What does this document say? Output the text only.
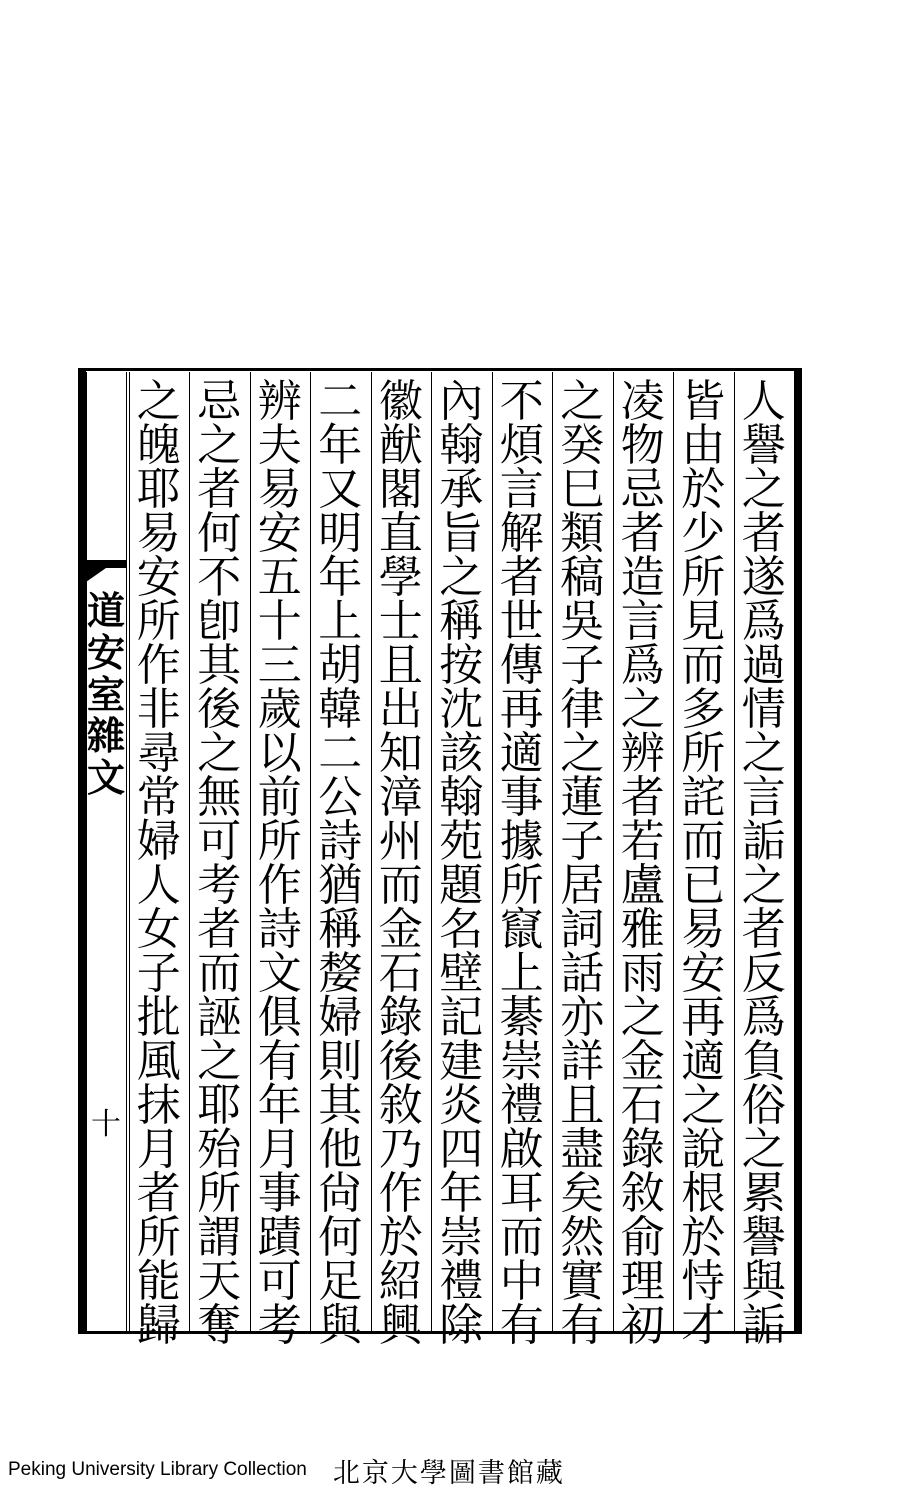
道
安
室
雜
文
十
人
譽
之
者
遂
爲
過
情
之
言
詬
之
者
反
爲
負
俗
之
累
譽
與
詬
皆
由
於
少
所
見
而
多
所
詫
而
已
易
安
再
適
之
說
根
於
恃
才
凌
物
忌
者
造
言
爲
之
辨
者
若
盧
雅
雨
之
金
石
錄
敘
俞
理
初
之
癸
巳
類
稿
吳
子
律
之
蓮
子
居
詞
話
亦
詳
且
盡
矣
然
實
有
不
煩
言
解
者
世
傳
再
適
事
據
所
竄
上
綦
崇
禮
啟
耳
而
中
有
內
翰
承
旨
之
稱
按
沈
該
翰
苑
題
名
壁
記
建
炎
四
年
崇
禮
除
徽
猷
閣
直
學
士
且
出
知
漳
州
而
金
石
錄
後
敘
乃
作
於
紹
興
二
年
又
明
年
上
胡
韓
二
公
詩
猶
稱
嫠
婦
則
其
他
尙
何
足
與
辨
夫
易
安
五
十
三
歲
以
前
所
作
詩
文
俱
有
年
月
事
蹟
可
考
忌
之
者
何
不
卽
其
後
之
無
可
考
者
而
誣
之
耶
殆
所
謂
天
奪
之
魄
耶
易
安
所
作
非
尋
常
婦
人
女
子
批
風
抹
月
者
所
能
歸
Peking University Library Collection 北京大學圖書館藏
